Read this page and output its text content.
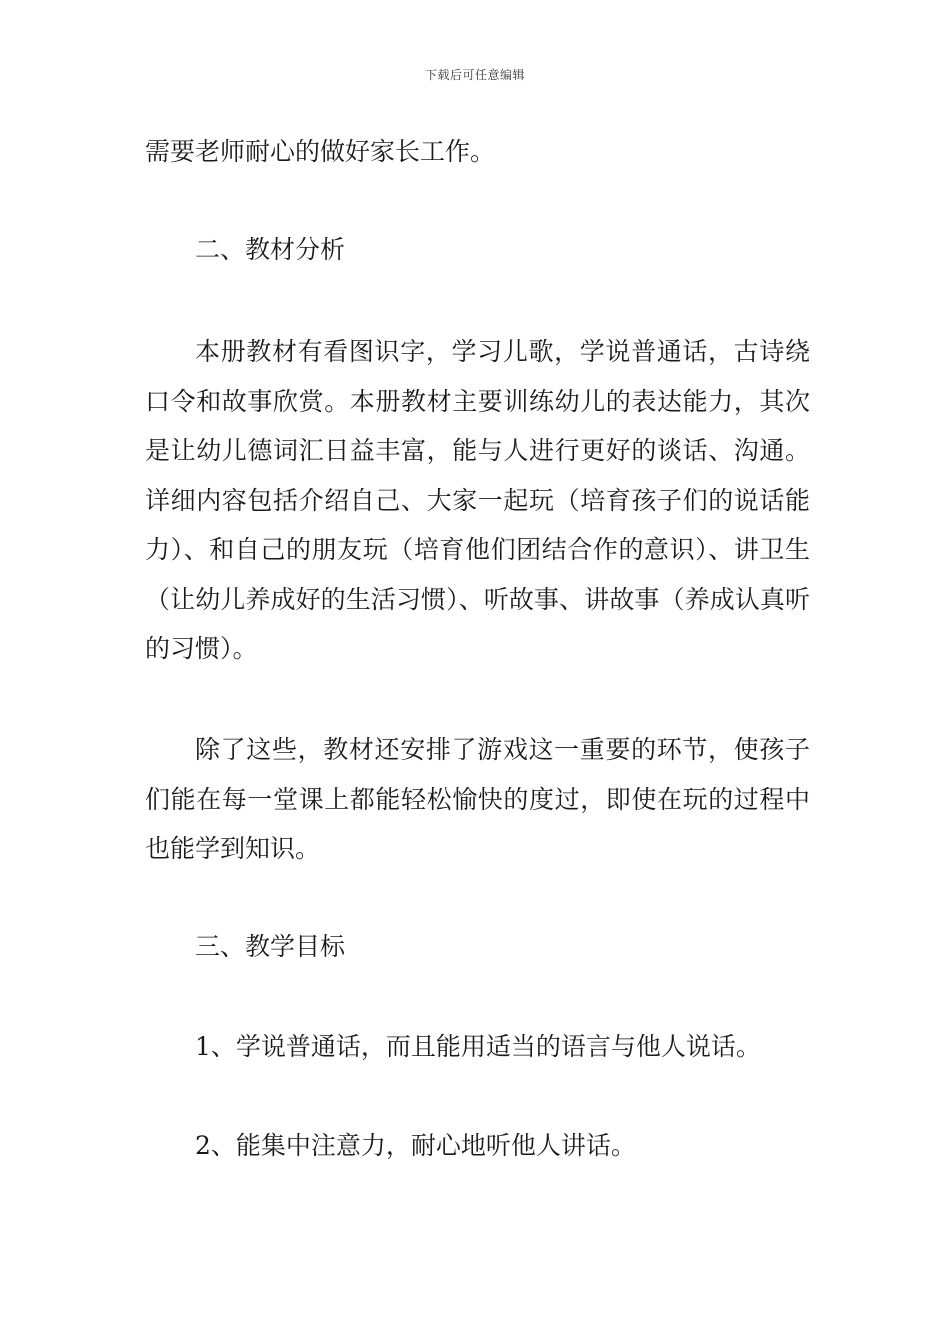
下载后可任意编辑
需要老师耐心的做好家长工作。
二、教材分析
本册教材有看图识字，学习儿歌，学说普通话，古诗绕口令和故事欣赏。本册教材主要训练幼儿的表达能力，其次是让幼儿德词汇日益丰富，能与人进行更好的谈话、沟通。详细内容包括介绍自己、大家一起玩（培育孩子们的说话能力）、和自己的朋友玩（培育他们团结合作的意识）、讲卫生（让幼儿养成好的生活习惯）、听故事、讲故事（养成认真听的习惯）。
除了这些，教材还安排了游戏这一重要的环节，使孩子们能在每一堂课上都能轻松愉快的度过，即使在玩的过程中也能学到知识。
三、教学目标
1、学说普通话，而且能用适当的语言与他人说话。
2、能集中注意力，耐心地听他人讲话。
